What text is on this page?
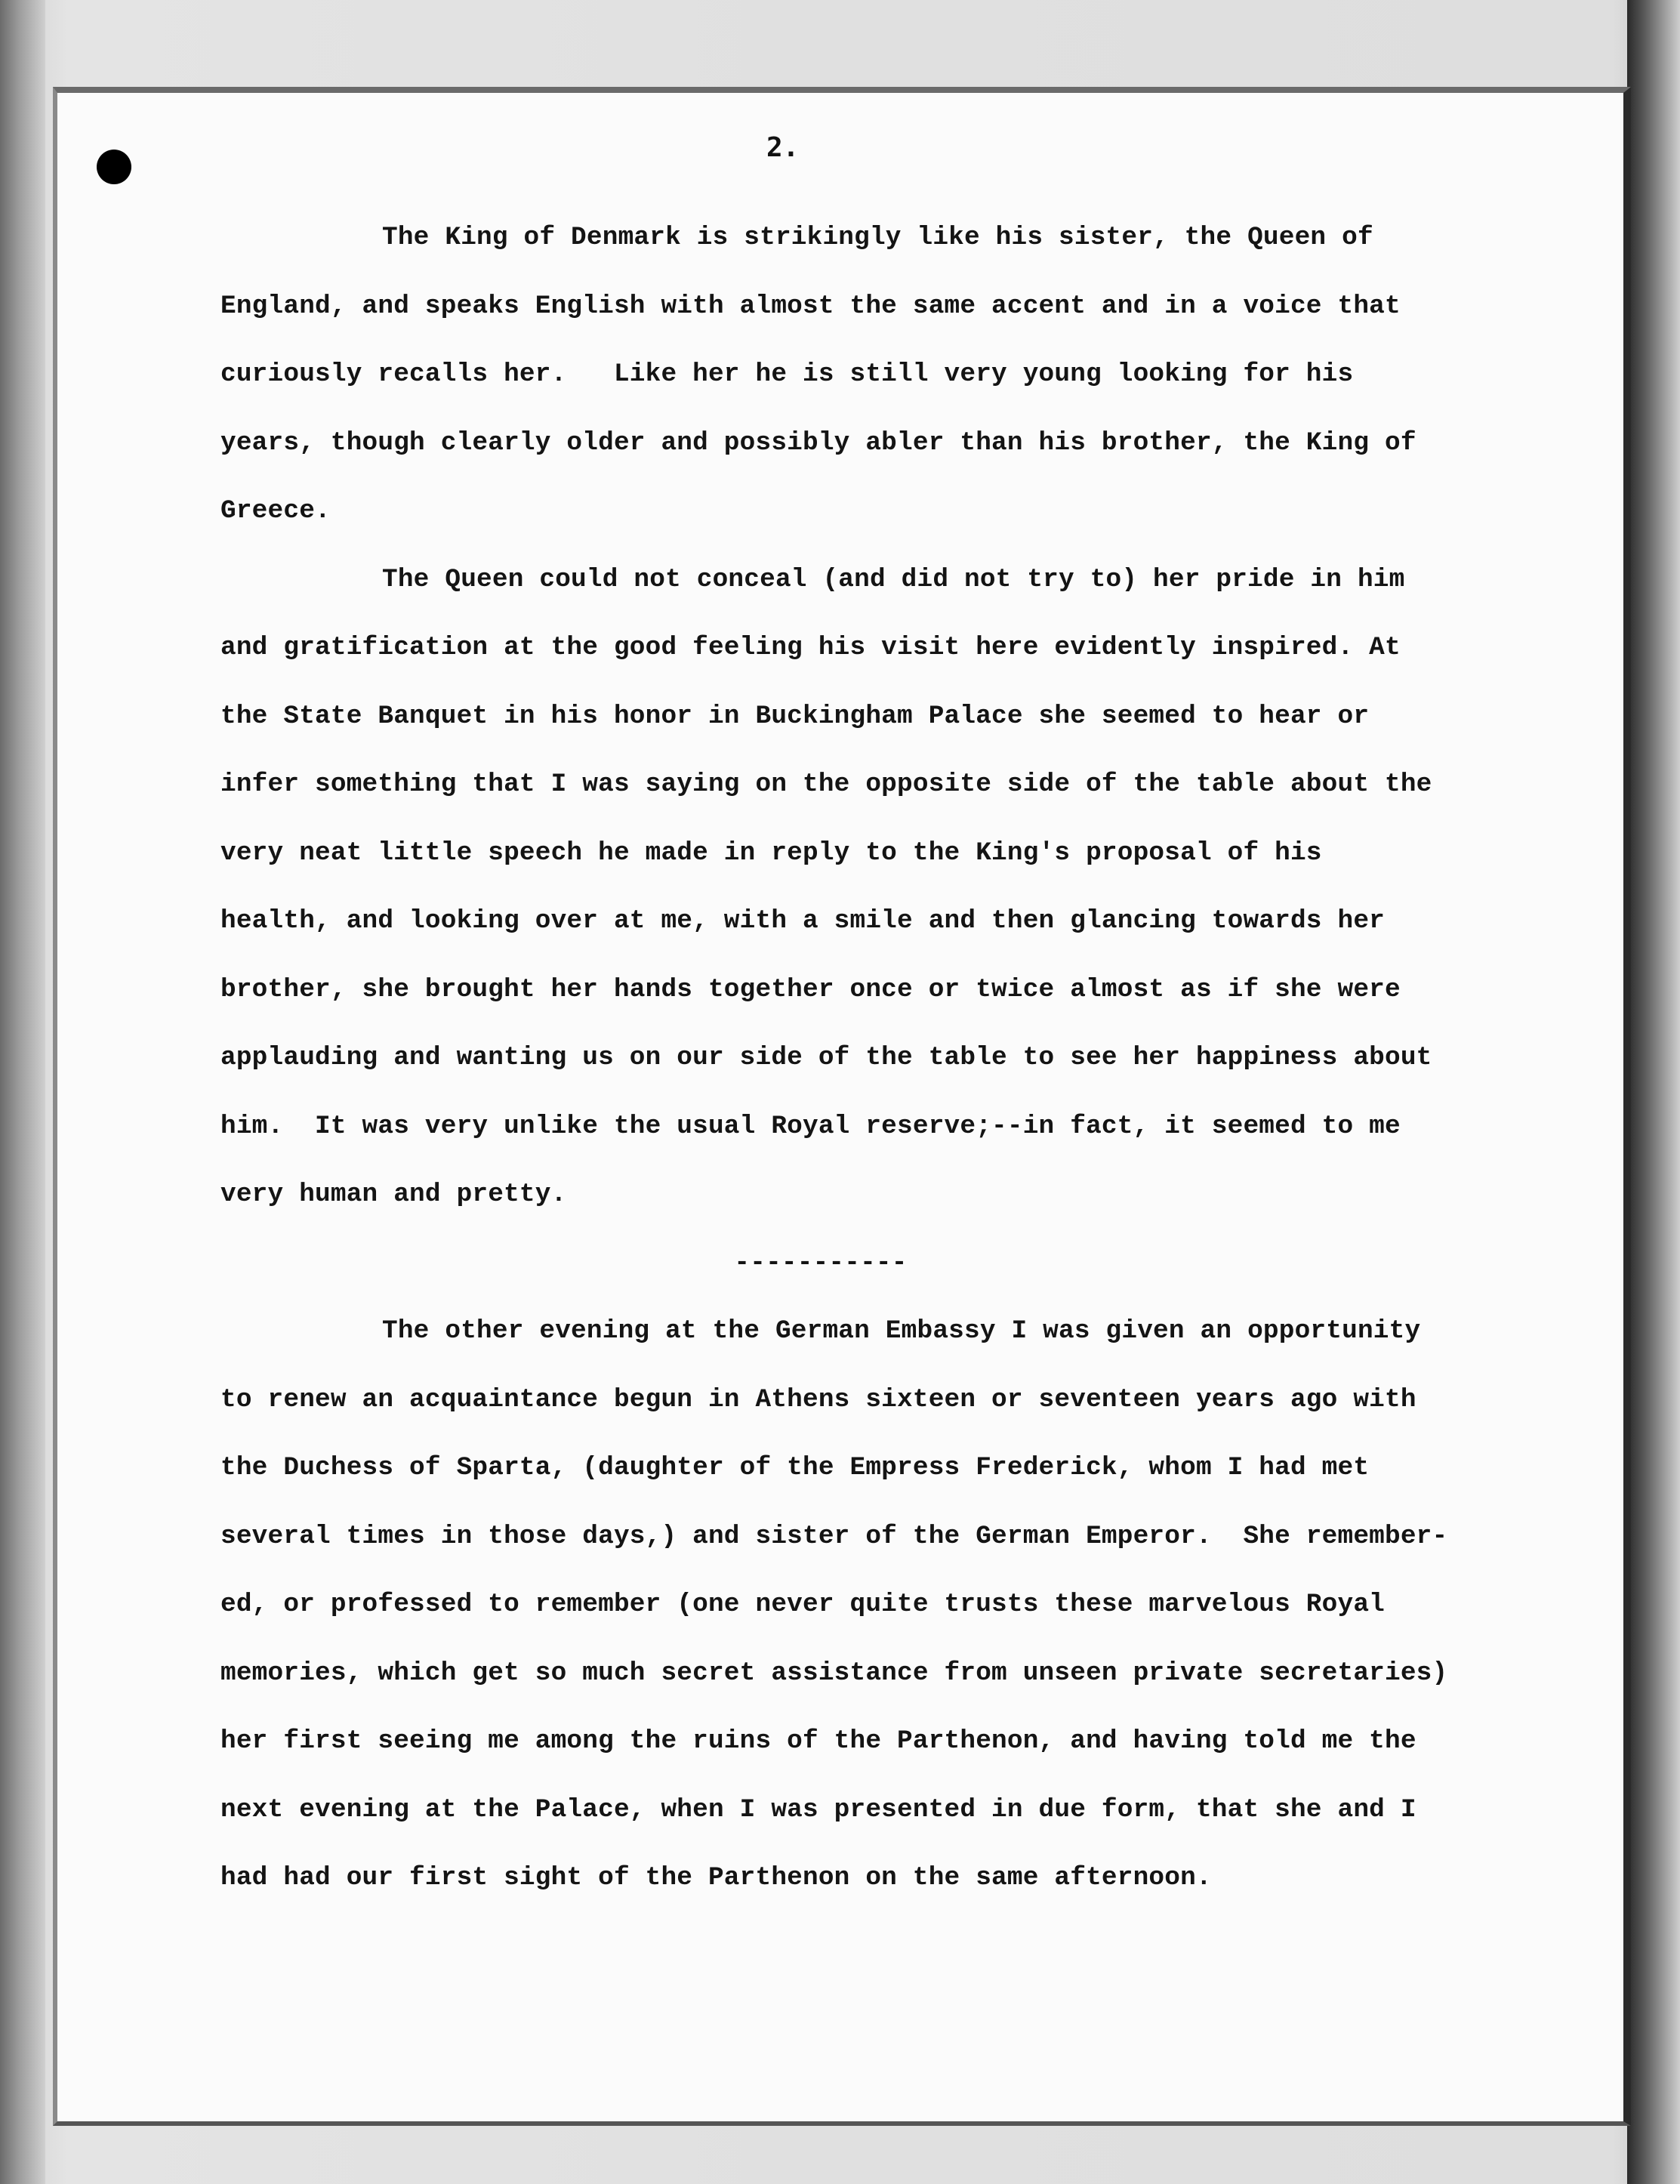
2.
The King of Denmark is strikingly like his sister, the Queen of
England, and speaks English with almost the same accent and in a voice that
curiously recalls her.   Like her he is still very young looking for his
years, though clearly older and possibly abler than his brother, the King of
Greece.
The Queen could not conceal (and did not try to) her pride in him
and gratification at the good feeling his visit here evidently inspired. At
the State Banquet in his honor in Buckingham Palace she seemed to hear or
infer something that I was saying on the opposite side of the table about the
very neat little speech he made in reply to the King's proposal of his
health, and looking over at me, with a smile and then glancing towards her
brother, she brought her hands together once or twice almost as if she were
applauding and wanting us on our side of the table to see her happiness about
him.  It was very unlike the usual Royal reserve;--in fact, it seemed to me
very human and pretty.
-----------
The other evening at the German Embassy I was given an opportunity
to renew an acquaintance begun in Athens sixteen or seventeen years ago with
the Duchess of Sparta, (daughter of the Empress Frederick, whom I had met
several times in those days,) and sister of the German Emperor.  She remember-
ed, or professed to remember (one never quite trusts these marvelous Royal
memories, which get so much secret assistance from unseen private secretaries)
her first seeing me among the ruins of the Parthenon, and having told me the
next evening at the Palace, when I was presented in due form, that she and I
had had our first sight of the Parthenon on the same afternoon.
